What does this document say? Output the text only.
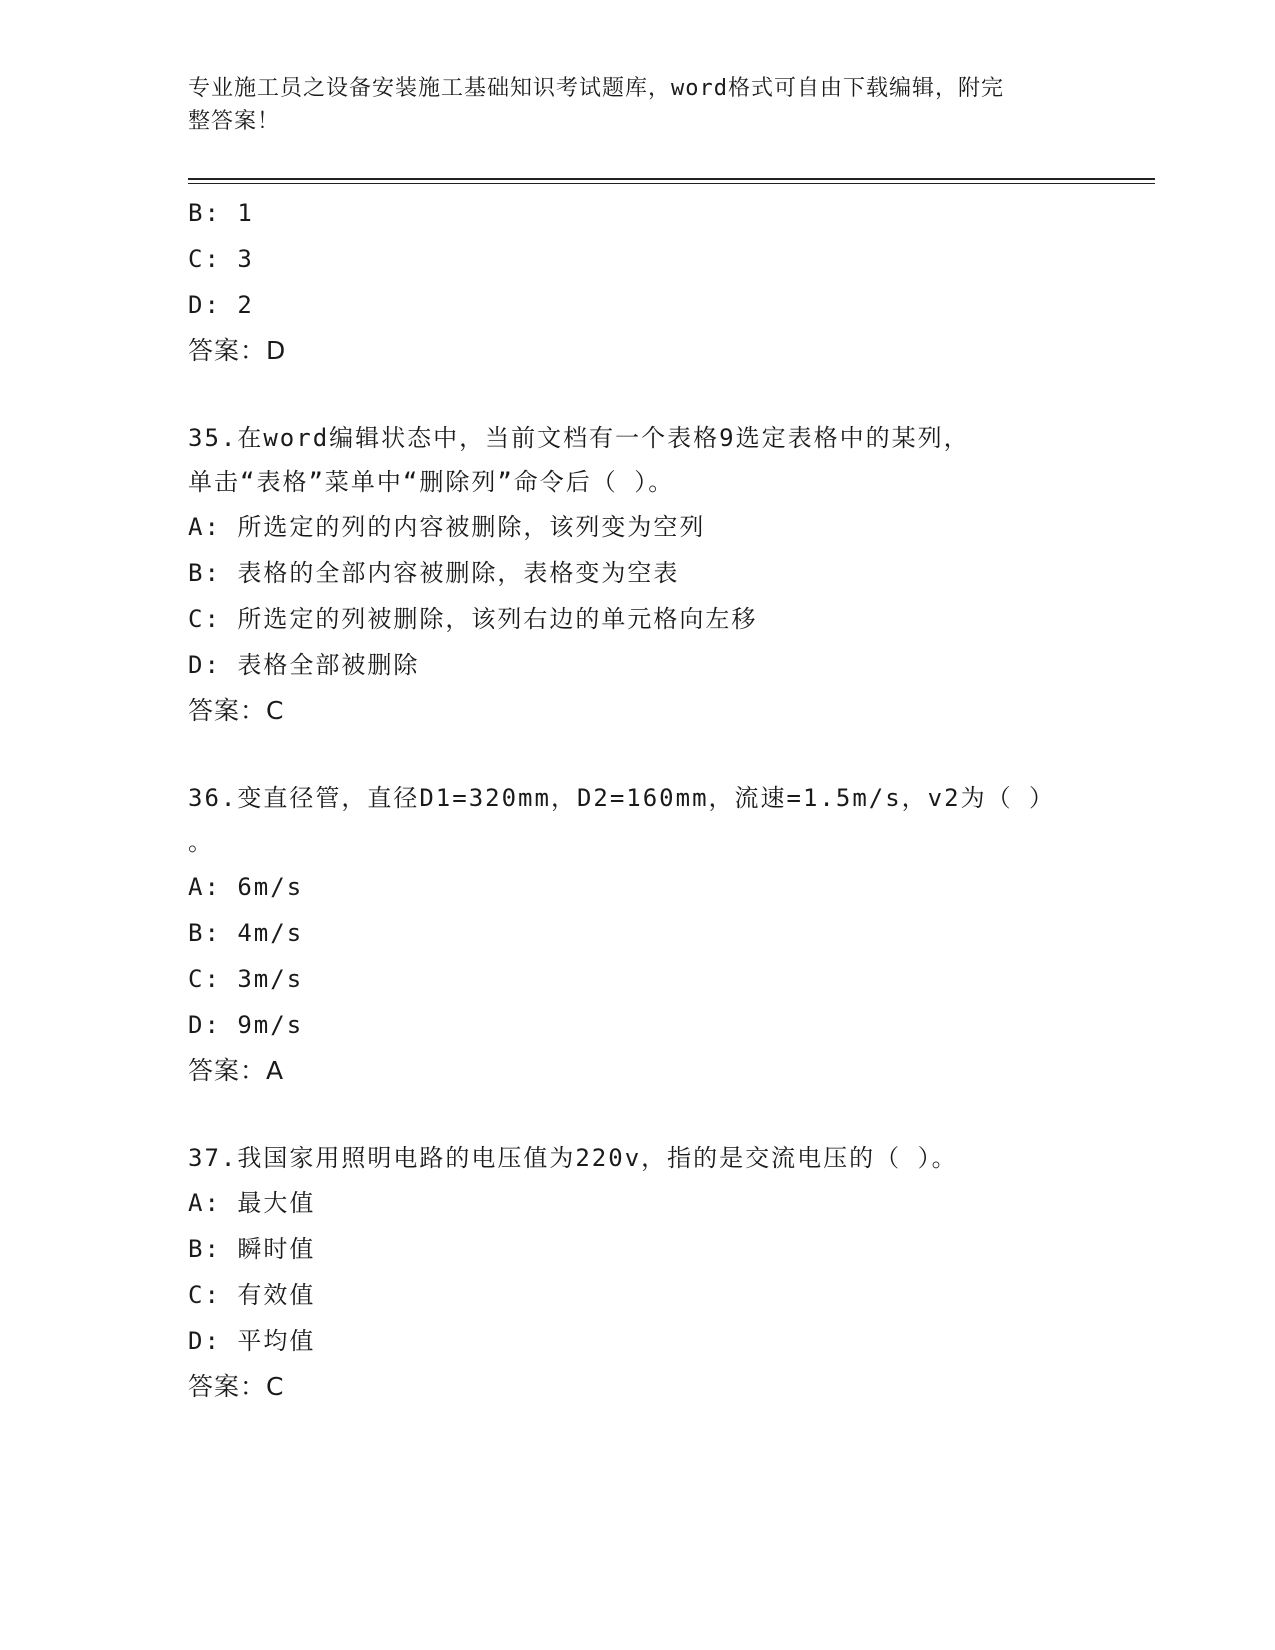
专业施工员之设备安装施工基础知识考试题库，word格式可自由下载编辑，附完
整答案！
B: 1
C: 3
D: 2
答案：D
35.在word编辑状态中，当前文档有一个表格9选定表格中的某列，
单击“表格”菜单中“删除列”命令后（ ）。
A: 所选定的列的内容被删除，该列变为空列
B: 表格的全部内容被删除，表格变为空表
C: 所选定的列被删除，该列右边的单元格向左移
D: 表格全部被删除
答案：C
36.变直径管，直径D1=320mm，D2=160mm，流速=1.5m/s，v2为（ ）
。
A: 6m/s
B: 4m/s
C: 3m/s
D: 9m/s
答案：A
37.我国家用照明电路的电压值为220v，指的是交流电压的（ ）。
A: 最大值
B: 瞬时值
C: 有效值
D: 平均值
答案：C
